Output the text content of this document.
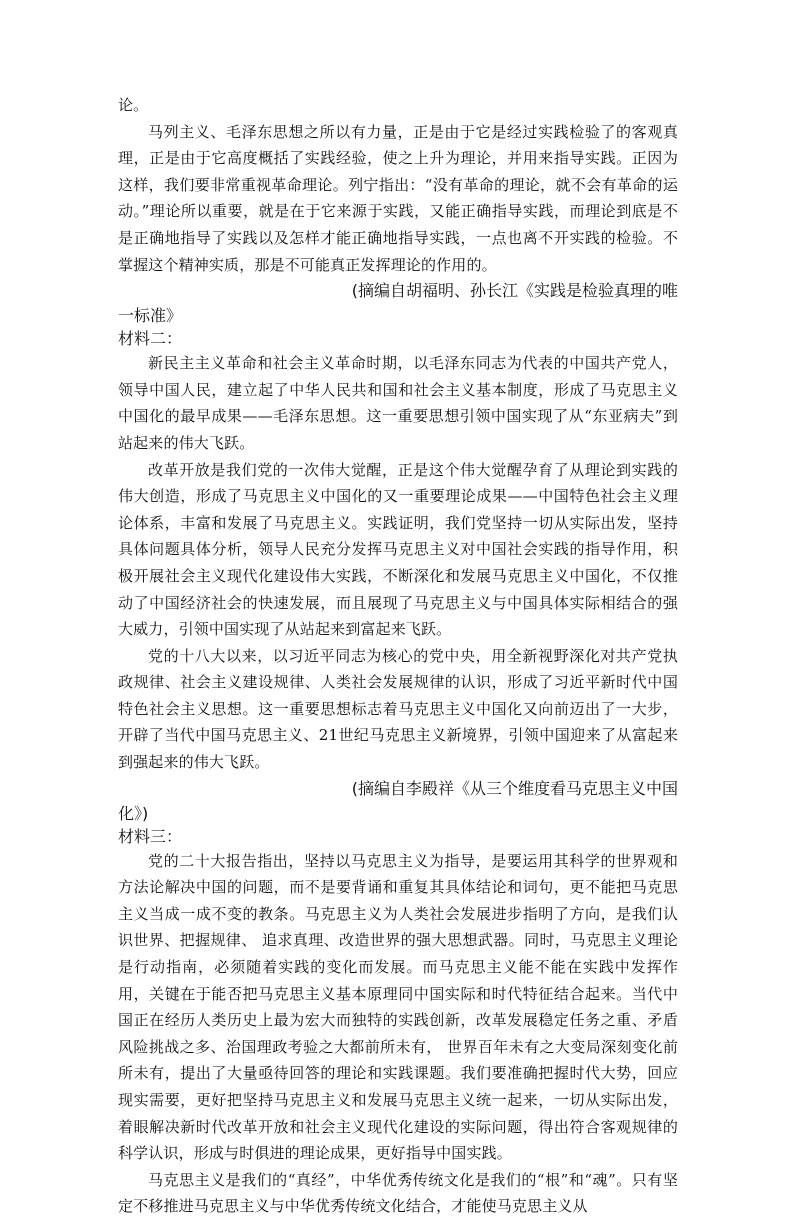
论。

马列主义、毛泽东思想之所以有力量，正是由于它是经过实践检验了的客观真理，正是由于它高度概括了实践经验，使之上升为理论，并用来指导实践。正因为这样，我们要非常重视革命理论。列宁指出：“没有革命的理论，就不会有革命的运动。”理论所以重要，就是在于它来源于实践，又能正确指导实践，而理论到底是不是正确地指导了实践以及怎样才能正确地指导实践，一点也离不开实践的检验。不掌握这个精神实质，那是不可能真正发挥理论的作用的。

(摘编自胡福明、孙长江《实践是检验真理的唯

一标准》

材料二：

新民主主义革命和社会主义革命时期，以毛泽东同志为代表的中国共产党人，领导中国人民，建立起了中华人民共和国和社会主义基本制度，形成了马克思主义中国化的最早成果——毛泽东思想。这一重要思想引领中国实现了从“东亚病夫”到站起来的伟大飞跃。

改革开放是我们党的一次伟大觉醒，正是这个伟大觉醒孕育了从理论到实践的伟大创造，形成了马克思主义中国化的又一重要理论成果——中国特色社会主义理论体系，丰富和发展了马克思主义。实践证明，我们党坚持一切从实际出发，坚持具体问题具体分析，领导人民充分发挥马克思主义对中国社会实践的指导作用，积极开展社会主义现代化建设伟大实践，不断深化和发展马克思主义中国化，不仅推动了中国经济社会的快速发展，而且展现了马克思主义与中国具体实际相结合的强大威力，引领中国实现了从站起来到富起来飞跃。

党的十八大以来，以习近平同志为核心的党中央，用全新视野深化对共产党执政规律、社会主义建设规律、人类社会发展规律的认识，形成了习近平新时代中国特色社会主义思想。这一重要思想标志着马克思主义中国化又向前迈出了一大步，开辟了当代中国马克思主义、21世纪马克思主义新境界，引领中国迎来了从富起来到强起来的伟大飞跃。

(摘编自李殿祥《从三个维度看马克思主义中国

化》)

材料三：

党的二十大报告指出，坚持以马克思主义为指导，是要运用其科学的世界观和方法论解决中国的问题，而不是要背诵和重复其具体结论和词句，更不能把马克思主义当成一成不变的教条。马克思主义为人类社会发展进步指明了方向，是我们认识世界、把握规律、 追求真理、改造世界的强大思想武器。同时，马克思主义理论是行动指南，必须随着实践的变化而发展。而马克思主义能不能在实践中发挥作用，关键在于能否把马克思主义基本原理同中国实际和时代特征结合起来。当代中国正在经历人类历史上最为宏大而独特的实践创新，改革发展稳定任务之重、矛盾风险挑战之多、治国理政考验之大都前所未有， 世界百年未有之大变局深刻变化前所未有，提出了大量亟待回答的理论和实践课题。我们要准确把握时代大势，回应现实需要，更好把坚持马克思主义和发展马克思主义统一起来，一切从实际出发，着眼解决新时代改革开放和社会主义现代化建设的实际问题，得出符合客观规律的科学认识，形成与时俱进的理论成果，更好指导中国实践。

马克思主义是我们的“真经”，中华优秀传统文化是我们的“根”和“魂”。只有坚定不移推进马克思主义与中华优秀传统文化结合，才能使马克思主义从
